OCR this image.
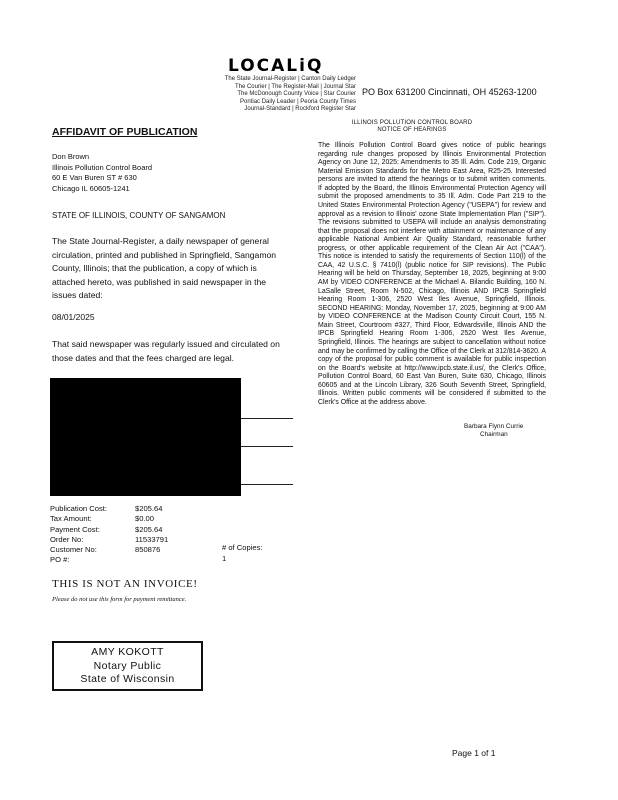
LOCALiQ
The State Journal-Register | Canton Daily Ledger
The Courier | The Register-Mail | Journal Star
The McDonough County Voice | Star Courier
Pontiac Daily Leader | Peoria County Times
Journal-Standard | Rockford Register Star
PO Box 631200 Cincinnati, OH 45263-1200
AFFIDAVIT OF PUBLICATION
Don Brown
Illinois Pollution Control Board
60 E Van Buren ST # 630
Chicago IL 60605-1241
STATE OF ILLINOIS, COUNTY OF SANGAMON
The State Journal-Register, a daily newspaper of general circulation, printed and published in Springfield, Sangamon County, Illinois; that the publication, a copy of which is attached hereto, was published in said newspaper in the issues dated:
08/01/2025
That said newspaper was regularly issued and circulated on those dates and that the fees charged are legal.
Publication Cost:	$205.64
Tax Amount:	$0.00
Payment Cost:	$205.64
Order No:	11533791
Customer No:	850876
PO #:	
# of Copies:
1
THIS IS NOT AN INVOICE!
Please do not use this form for payment remittance.
AMY KOKOTT
Notary Public
State of Wisconsin
ILLINOIS POLLUTION CONTROL BOARD
NOTICE OF HEARINGS
The Illinois Pollution Control Board gives notice of public hearings regarding rule changes proposed by Illinois Environmental Protection Agency on June 12, 2025: Amendments to 35 Ill. Adm. Code 219, Organic Material Emission Standards for the Metro East Area, R25-25. Interested persons are invited to attend the hearings or to submit written comments. If adopted by the Board, the Illinois Environmental Protection Agency will submit the proposed amendments to 35 Ill. Adm. Code Part 219 to the United States Environmental Protection Agency ("USEPA") for review and approval as a revision to Illinois' ozone State Implementation Plan ("SIP"). The revisions submitted to USEPA will include an analysis demonstrating that the proposal does not interfere with attainment or maintenance of any applicable National Ambient Air Quality Standard, reasonable further progress, or other applicable requirement of the Clean Air Act ("CAA"). This notice is intended to satisfy the requirements of Section 110(l) of the CAA, 42 U.S.C. § 7410(l) (public notice for SIP revisions). The Public Hearing will be held on Thursday, September 18, 2025, beginning at 9:00 AM by VIDEO CONFERENCE at the Michael A. Bilandic Building, 160 N. LaSalle Street, Room N-502, Chicago, Illinois AND IPCB Springfield Hearing Room 1-306, 2520 West Iles Avenue, Springfield, Illinois. SECOND HEARING: Monday, November 17, 2025, beginning at 9:00 AM by VIDEO CONFERENCE at the Madison County Circuit Court, 155 N. Main Street, Courtroom #327, Third Floor, Edwardsville, Illinois AND the IPCB Springfield Hearing Room 1-306, 2520 West Iles Avenue, Springfield, Illinois. The hearings are subject to cancellation without notice and may be confirmed by calling the Office of the Clerk at 312/814-3620. A copy of the proposal for public comment is available for public inspection on the Board's website at http://www.ipcb.state.il.us/, the Clerk's Office, Pollution Control Board, 60 East Van Buren, Suite 630, Chicago, Illinois 60605 and at the Lincoln Library, 326 South Seventh Street, Springfield, Illinois. Written public comments will be considered if submitted to the Clerk's Office at the address above.
Barbara Flynn Currie
Chairman
Page 1 of 1
